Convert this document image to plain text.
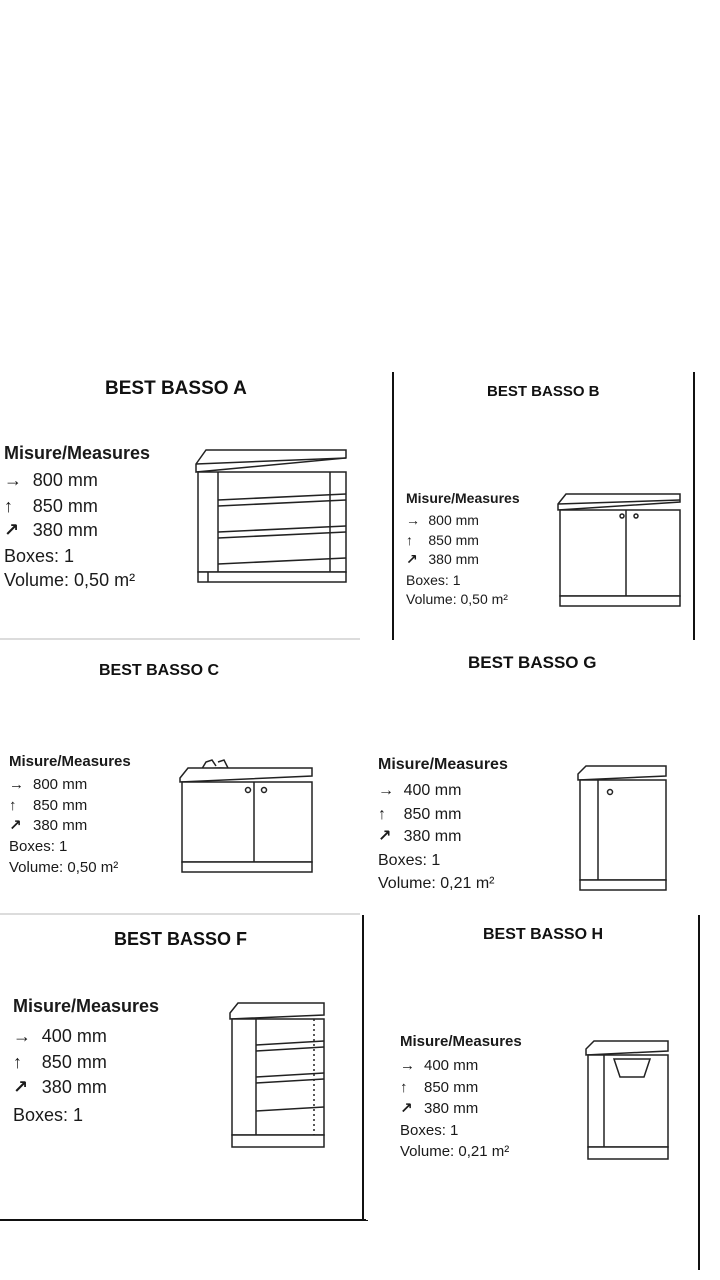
BEST BASSO A
Misure/Measures
→ 800 mm
↑ 850 mm
↗ 380 mm
Boxes: 1
Volume: 0,50 m²
BEST BASSO B
Misure/Measures
→ 800 mm
↑ 850 mm
↗ 380 mm
Boxes: 1
Volume: 0,50 m²
BEST BASSO C
Misure/Measures
→ 800 mm
↑ 850 mm
↗ 380 mm
Boxes: 1
Volume: 0,50 m²
BEST BASSO G
Misure/Measures
→ 400 mm
↑ 850 mm
↗ 380 mm
Boxes: 1
Volume: 0,21 m²
BEST BASSO F
Misure/Measures
→ 400 mm
↑ 850 mm
↗ 380 mm
Boxes: 1
BEST BASSO H
Misure/Measures
→ 400 mm
↑ 850 mm
↗ 380 mm
Boxes: 1
Volume: 0,21 m²
